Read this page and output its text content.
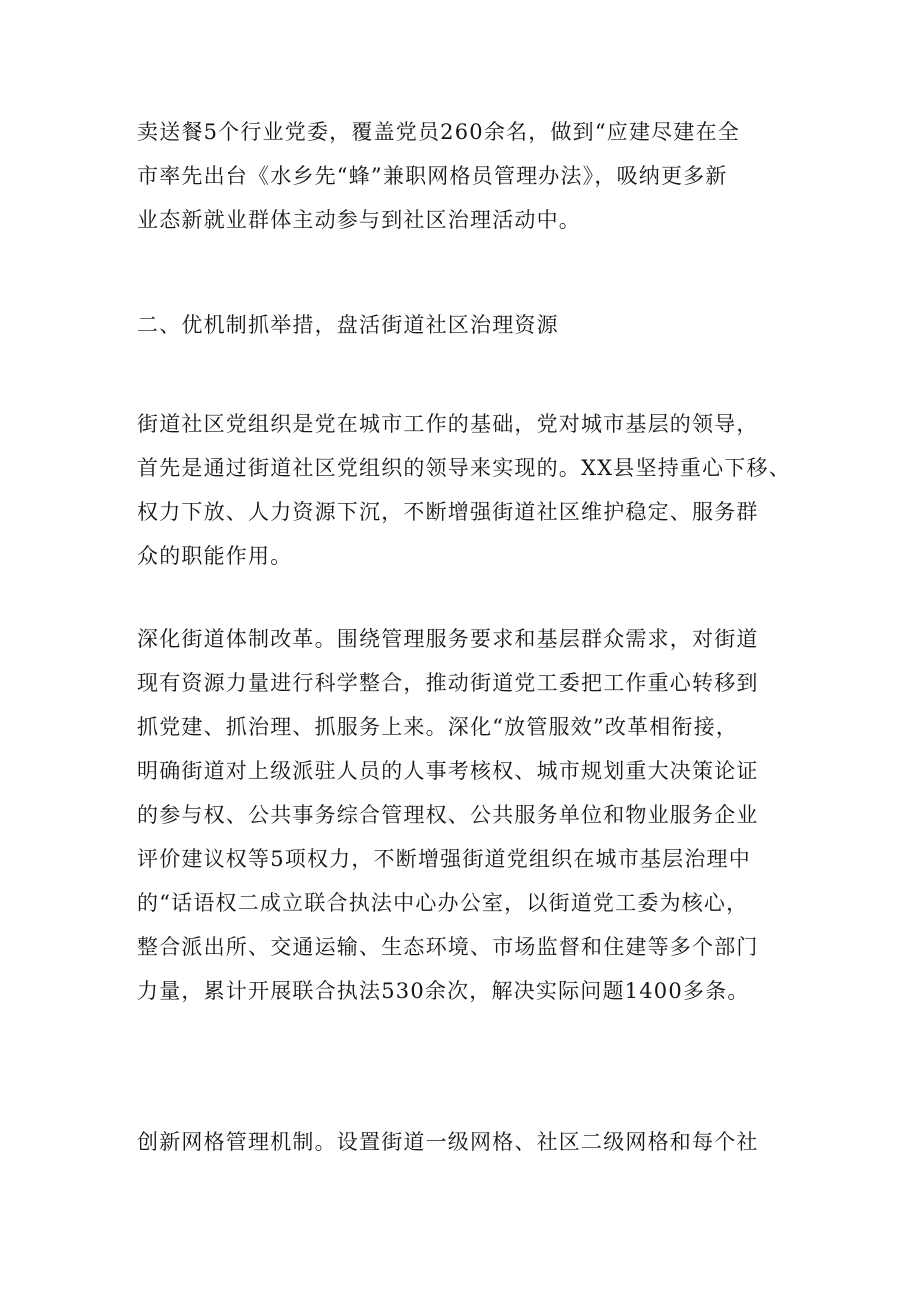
卖送餐5个行业党委，覆盖党员260余名，做到“应建尽建在全
市率先出台《水乡先“蜂”兼职网格员管理办法》，吸纳更多新
业态新就业群体主动参与到社区治理活动中。

二、优机制抓举措，盘活街道社区治理资源

街道社区党组织是党在城市工作的基础，党对城市基层的领导，
首先是通过街道社区党组织的领导来实现的。XX县坚持重心下移、
权力下放、人力资源下沉，不断增强街道社区维护稳定、服务群
众的职能作用。

深化街道体制改革。围绕管理服务要求和基层群众需求，对街道
现有资源力量进行科学整合，推动街道党工委把工作重心转移到
抓党建、抓治理、抓服务上来。深化“放管服效”改革相衔接，
明确街道对上级派驻人员的人事考核权、城市规划重大决策论证
的参与权、公共事务综合管理权、公共服务单位和物业服务企业
评价建议权等5项权力，不断增强街道党组织在城市基层治理中
的“话语权二成立联合执法中心办公室，以街道党工委为核心，
整合派出所、交通运输、生态环境、市场监督和住建等多个部门
力量，累计开展联合执法530余次，解决实际问题1400多条。

创新网格管理机制。设置街道一级网格、社区二级网格和每个社
